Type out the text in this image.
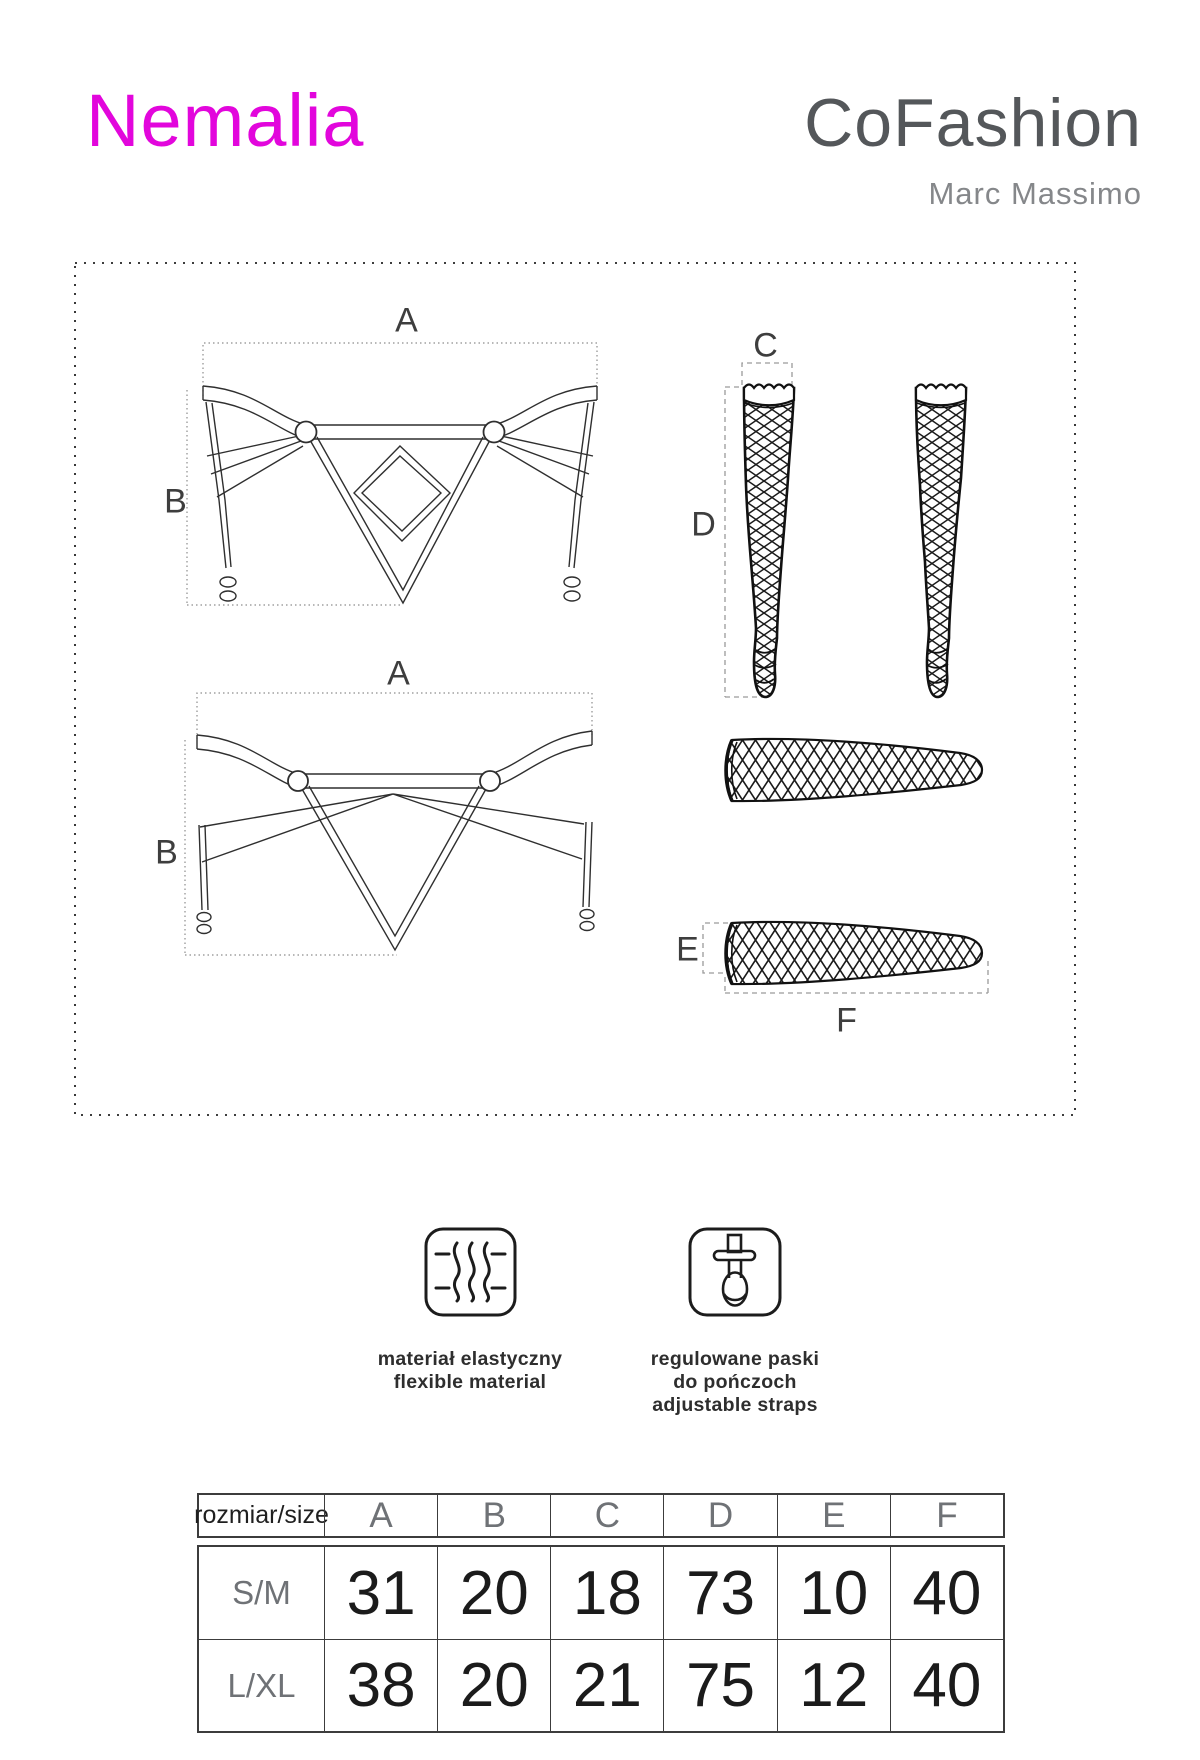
Nemalia	CoFashion
Marc Massimo
A
B
A
B
C
D
E
F
materiał elastyczny
flexible material
regulowane paski
do pończoch
adjustable straps
rozmiar/size	A	B	C	D	E	F
S/M 31 20 18 73 10 40
L/XL 38 20 21 75 12 40
